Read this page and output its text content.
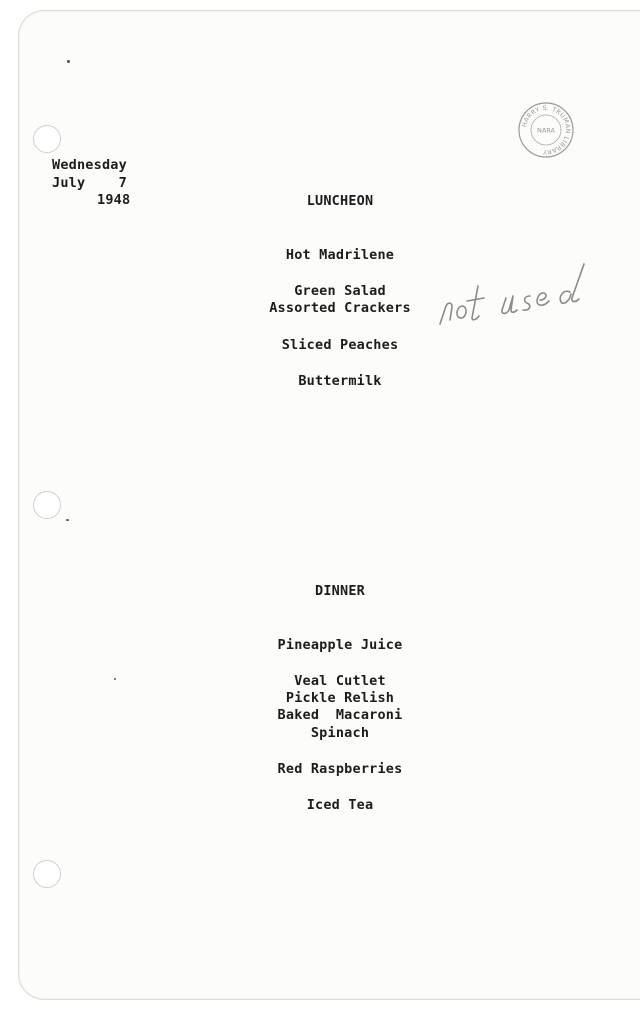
Wednesday
July    7
1948
HARRY S. TRUMAN LIBRARY
NARA
LUNCHEON
Hot Madrilene
Green Salad
Assorted Crackers
Sliced Peaches
Buttermilk
DINNER
Pineapple Juice
Veal Cutlet
Pickle Relish
Baked  Macaroni
Spinach
Red Raspberries
Iced Tea
